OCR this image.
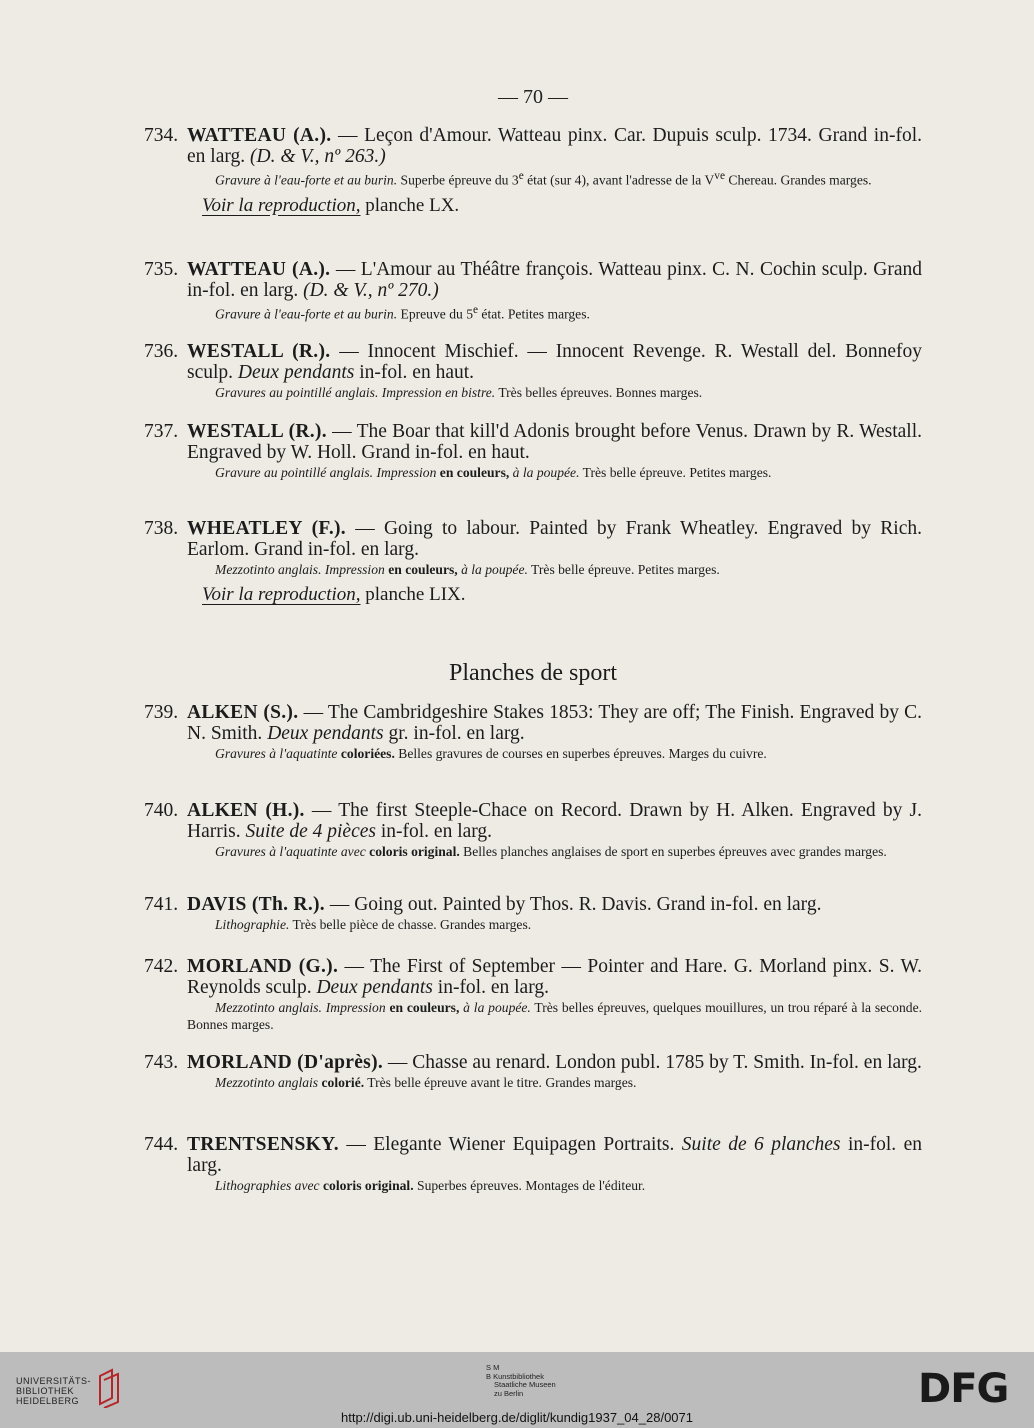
— 70 —
734. WATTEAU (A.). — Leçon d'Amour. Watteau pinx. Car. Dupuis sculp. 1734. Grand in-fol. en larg. (D. & V., nº 263.)
Gravure à l'eau-forte et au burin. Superbe épreuve du 3e état (sur 4), avant l'adresse de la $V^{ve}$ Chereau. Grandes marges.
Voir la reproduction, planche LX.
735. WATTEAU (A.). — L'Amour au Théâtre françois. Watteau pinx. C. N. Cochin sculp. Grand in-fol. en larg. (D. & V., nº 270.)
Gravure à l'eau-forte et au burin. Epreuve du 5e état. Petites marges.
736. WESTALL (R.). — Innocent Mischief. — Innocent Revenge. R. Westall del. Bonnefoy sculp. Deux pendants in-fol. en haut.
Gravures au pointillé anglais. Impression en bistre. Très belles épreuves. Bonnes marges.
737. WESTALL (R.). — The Boar that kill'd Adonis brought before Venus. Drawn by R. Westall. Engraved by W. Holl. Grand in-fol. en haut.
Gravure au pointillé anglais. Impression en couleurs, à la poupée. Très belle épreuve. Petites marges.
738. WHEATLEY (F.). — Going to labour. Painted by Frank Wheatley. Engraved by Rich. Earlom. Grand in-fol. en larg.
Mezzotinto anglais. Impression en couleurs, à la poupée. Très belle épreuve. Petites marges.
Voir la reproduction, planche LIX.
Planches de sport
739. ALKEN (S.). — The Cambridgeshire Stakes 1853: They are off; The Finish. Engraved by C. N. Smith. Deux pendants gr. in-fol. en larg.
Gravures à l'aquatinte coloriées. Belles gravures de courses en superbes épreuves. Marges du cuivre.
740. ALKEN (H.). — The first Steeple-Chace on Record. Drawn by H. Alken. Engraved by J. Harris. Suite de 4 pièces in-fol. en larg.
Gravures à l'aquatinte avec coloris original. Belles planches anglaises de sport en superbes épreuves avec grandes marges.
741. DAVIS (Th. R.). — Going out. Painted by Thos. R. Davis. Grand in-fol. en larg.
Lithographie. Très belle pièce de chasse. Grandes marges.
742. MORLAND (G.). — The First of September — Pointer and Hare. G. Morland pinx. S. W. Reynolds sculp. Deux pendants in-fol. en larg.
Mezzotinto anglais. Impression en couleurs, à la poupée. Très belles épreuves, quelques mouillures, un trou réparé à la seconde. Bonnes marges.
743. MORLAND (D'après). — Chasse au renard. London publ. 1785 by T. Smith. In-fol. en larg.
Mezzotinto anglais colorié. Très belle épreuve avant le titre. Grandes marges.
744. TRENTSENSKY. — Elegante Wiener Equipagen Portraits. Suite de 6 planches in-fol. en larg.
Lithographies avec coloris original. Superbes épreuves. Montages de l'éditeur.
UNIVERSITÄTS-
BIBLIOTHEK
HEIDELBERG
S M
B Kunstbibliothek
Staatliche Museen
zu Berlin	DFG
http://digi.ub.uni-heidelberg.de/diglit/kundig1937_04_28/0071
